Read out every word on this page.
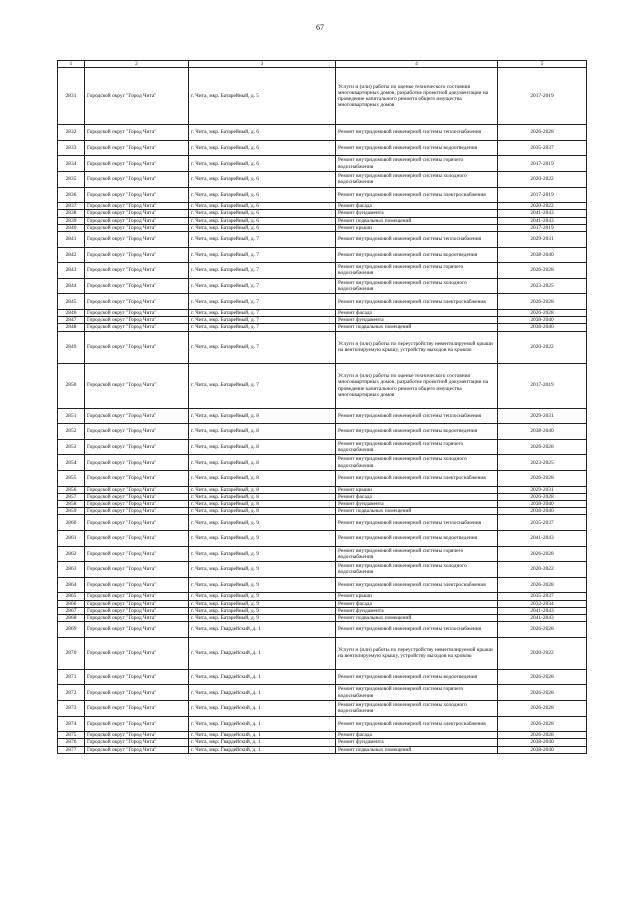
67
1	2	3	4	5
2831	Городской округ "Город Чита"	г. Чита, мкр. Батарейный, д. 5	Услуги и (или) работы по оценке технического состояния многоквартирных домов, разработке проектной документации на проведение капитального ремонта общего имущества многоквартирных домов	2017-2019
2832	Городской округ "Город Чита"	г. Чита, мкр. Батарейный, д. 6	Ремонт внутридомовой инженерной системы теплоснабжения	2026-2028
2833	Городской округ "Город Чита"	г. Чита, мкр. Батарейный, д. 6	Ремонт внутридомовой инженерной системы водоотведения	2035-2037
2834	Городской округ "Город Чита"	г. Чита, мкр. Батарейный, д. 6	Ремонт внутридомовой инженерной системы горячего водоснабжения	2017-2019
2835	Городской округ "Город Чита"	г. Чита, мкр. Батарейный, д. 6	Ремонт внутридомовой инженерной системы холодного водоснабжения	2020-2022
2836	Городской округ "Город Чита"	г. Чита, мкр. Батарейный, д. 6	Ремонт внутридомовой инженерной системы электроснабжения	2017-2019
2837	Городской округ "Город Чита"	г. Чита, мкр. Батарейный, д. 6	Ремонт фасада	2020-2022
2838	Городской округ "Город Чита"	г. Чита, мкр. Батарейный, д. 6	Ремонт фундамента	2041-2043
2839	Городской округ "Город Чита"	г. Чита, мкр. Батарейный, д. 6	Ремонт подвальных помещений	2041-2043
2840	Городской округ "Город Чита"	г. Чита, мкр. Батарейный, д. 6	Ремонт крыши	2017-2019
2841	Городской округ "Город Чита"	г. Чита, мкр. Батарейный, д. 7	Ремонт внутридомовой инженерной системы теплоснабжения	2029-2031
2842	Городской округ "Город Чита"	г. Чита, мкр. Батарейный, д. 7	Ремонт внутридомовой инженерной системы водоотведения	2038-2040
2843	Городской округ "Город Чита"	г. Чита, мкр. Батарейный, д. 7	Ремонт внутридомовой инженерной системы горячего водоснабжения	2026-2028
2844	Городской округ "Город Чита"	г. Чита, мкр. Батарейный, д. 7	Ремонт внутридомовой инженерной системы холодного водоснабжения	2023-2025
2845	Городской округ "Город Чита"	г. Чита, мкр. Батарейный, д. 7	Ремонт внутридомовой инженерной системы электроснабжения	2026-2028
2846	Городской округ "Город Чита"	г. Чита, мкр. Батарейный, д. 7	Ремонт фасада	2026-2028
2847	Городской округ "Город Чита"	г. Чита, мкр. Батарейный, д. 7	Ремонт фундамента	2038-2040
2848	Городской округ "Город Чита"	г. Чита, мкр. Батарейный, д. 7	Ремонт подвальных помещений	2038-2040
2849	Городской округ "Город Чита"	г. Чита, мкр. Батарейный, д. 7	Услуги и (или) работы по переустройству невентилируемой крыши на вентилируемую крышу, устройству выходов на кровлю	2020-2022
2850	Городской округ "Город Чита"	г. Чита, мкр. Батарейный, д. 7	Услуги и (или) работы по оценке технического состояния многоквартирных домов, разработке проектной документации на проведение капитального ремонта общего имущества многоквартирных домов	2017-2019
2851	Городской округ "Город Чита"	г. Чита, мкр. Батарейный, д. 8	Ремонт внутридомовой инженерной системы теплоснабжения	2029-2031
2852	Городской округ "Город Чита"	г. Чита, мкр. Батарейный, д. 8	Ремонт внутридомовой инженерной системы водоотведения	2038-2040
2853	Городской округ "Город Чита"	г. Чита, мкр. Батарейный, д. 8	Ремонт внутридомовой инженерной системы горячего водоснабжения	2026-2028
2854	Городской округ "Город Чита"	г. Чита, мкр. Батарейный, д. 8	Ремонт внутридомовой инженерной системы холодного водоснабжения	2023-2025
2855	Городской округ "Город Чита"	г. Чита, мкр. Батарейный, д. 8	Ремонт внутридомовой инженерной системы электроснабжения	2026-2028
2856	Городской округ "Город Чита"	г. Чита, мкр. Батарейный, д. 8	Ремонт крыши	2029-2031
2857	Городской округ "Город Чита"	г. Чита, мкр. Батарейный, д. 8	Ремонт фасада	2026-2028
2858	Городской округ "Город Чита"	г. Чита, мкр. Батарейный, д. 8	Ремонт фундамента	2038-2040
2859	Городской округ "Город Чита"	г. Чита, мкр. Батарейный, д. 8	Ремонт подвальных помещений	2038-2040
2860	Городской округ "Город Чита"	г. Чита, мкр. Батарейный, д. 9	Ремонт внутридомовой инженерной системы теплоснабжения	2035-2037
2861	Городской округ "Город Чита"	г. Чита, мкр. Батарейный, д. 9	Ремонт внутридомовой инженерной системы водоотведения	2041-2043
2862	Городской округ "Город Чита"	г. Чита, мкр. Батарейный, д. 9	Ремонт внутридомовой инженерной системы горячего водоснабжения	2026-2028
2863	Городской округ "Город Чита"	г. Чита, мкр. Батарейный, д. 9	Ремонт внутридомовой инженерной системы холодного водоснабжения	2020-2022
2864	Городской округ "Город Чита"	г. Чита, мкр. Батарейный, д. 9	Ремонт внутридомовой инженерной системы электроснабжения	2026-2028
2865	Городской округ "Город Чита"	г. Чита, мкр. Батарейный, д. 9	Ремонт крыши	2035-2037
2866	Городской округ "Город Чита"	г. Чита, мкр. Батарейный, д. 9	Ремонт фасада	2032-2034
2867	Городской округ "Город Чита"	г. Чита, мкр. Батарейный, д. 9	Ремонт фундамента	2041-2043
2868	Городской округ "Город Чита"	г. Чита, мкр. Батарейный, д. 9	Ремонт подвальных помещений	2041-2043
2869	Городской округ "Город Чита"	г. Чита, мкр. Гвардейский, д. 1	Ремонт внутридомовой инженерной системы теплоснабжения	2026-2028
2870	Городской округ "Город Чита"	г. Чита, мкр. Гвардейский, д. 1	Услуги и (или) работы по переустройству невентилируемой крыши на вентилируемую крышу, устройству выходов на кровлю	2020-2022
2871	Городской округ "Город Чита"	г. Чита, мкр. Гвардейский, д. 1	Ремонт внутридомовой инженерной системы водоотведения	2026-2028
2872	Городской округ "Город Чита"	г. Чита, мкр. Гвардейский, д. 1	Ремонт внутридомовой инженерной системы горячего водоснабжения	2026-2028
2873	Городской округ "Город Чита"	г. Чита, мкр. Гвардейский, д. 1	Ремонт внутридомовой инженерной системы холодного водоснабжения	2026-2028
2874	Городской округ "Город Чита"	г. Чита, мкр. Гвардейский, д. 1	Ремонт внутридомовой инженерной системы электроснабжения	2026-2028
2875	Городской округ "Город Чита"	г. Чита, мкр. Гвардейский, д. 1	Ремонт фасада	2026-2028
2876	Городской округ "Город Чита"	г. Чита, мкр. Гвардейский, д. 1	Ремонт фундамента	2038-2040
2877	Городской округ "Город Чита"	г. Чита, мкр. Гвардейский, д. 1	Ремонт подвальных помещений	2038-2040
